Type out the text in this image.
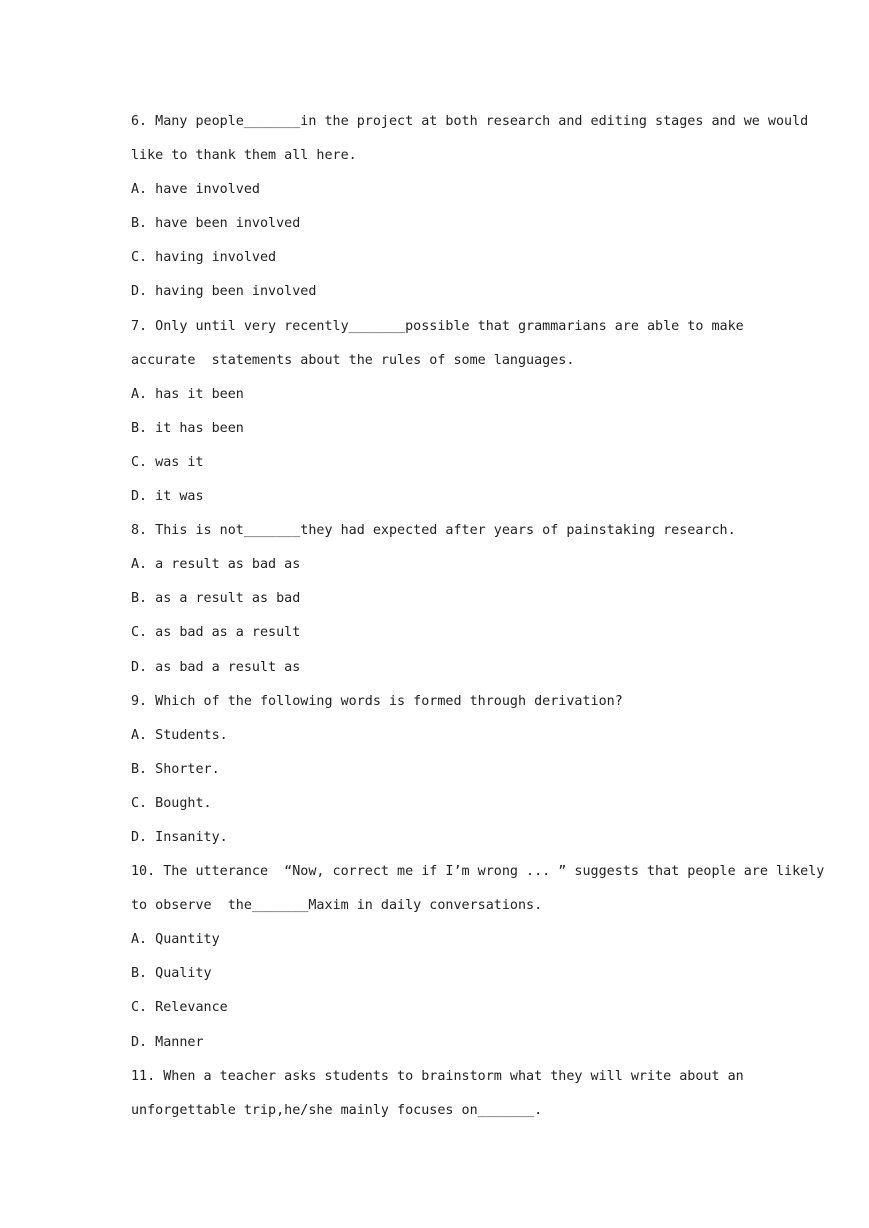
6. Many people_______in the project at both research and editing stages and we would
like to thank them all here.
A. have involved
B. have been involved
C. having involved
D. having been involved
7. Only until very recently_______possible that grammarians are able to make
accurate  statements about the rules of some languages.
A. has it been
B. it has been
C. was it
D. it was
8. This is not_______they had expected after years of painstaking research.
A. a result as bad as
B. as a result as bad
C. as bad as a result
D. as bad a result as
9. Which of the following words is formed through derivation?
A. Students.
B. Shorter.
C. Bought.
D. Insanity.
10. The utterance  “Now, correct me if I’m wrong ... ” suggests that people are likely
to observe  the_______Maxim in daily conversations.
A. Quantity
B. Quality
C. Relevance
D. Manner
11. When a teacher asks students to brainstorm what they will write about an
unforgettable trip,he/she mainly focuses on_______.
